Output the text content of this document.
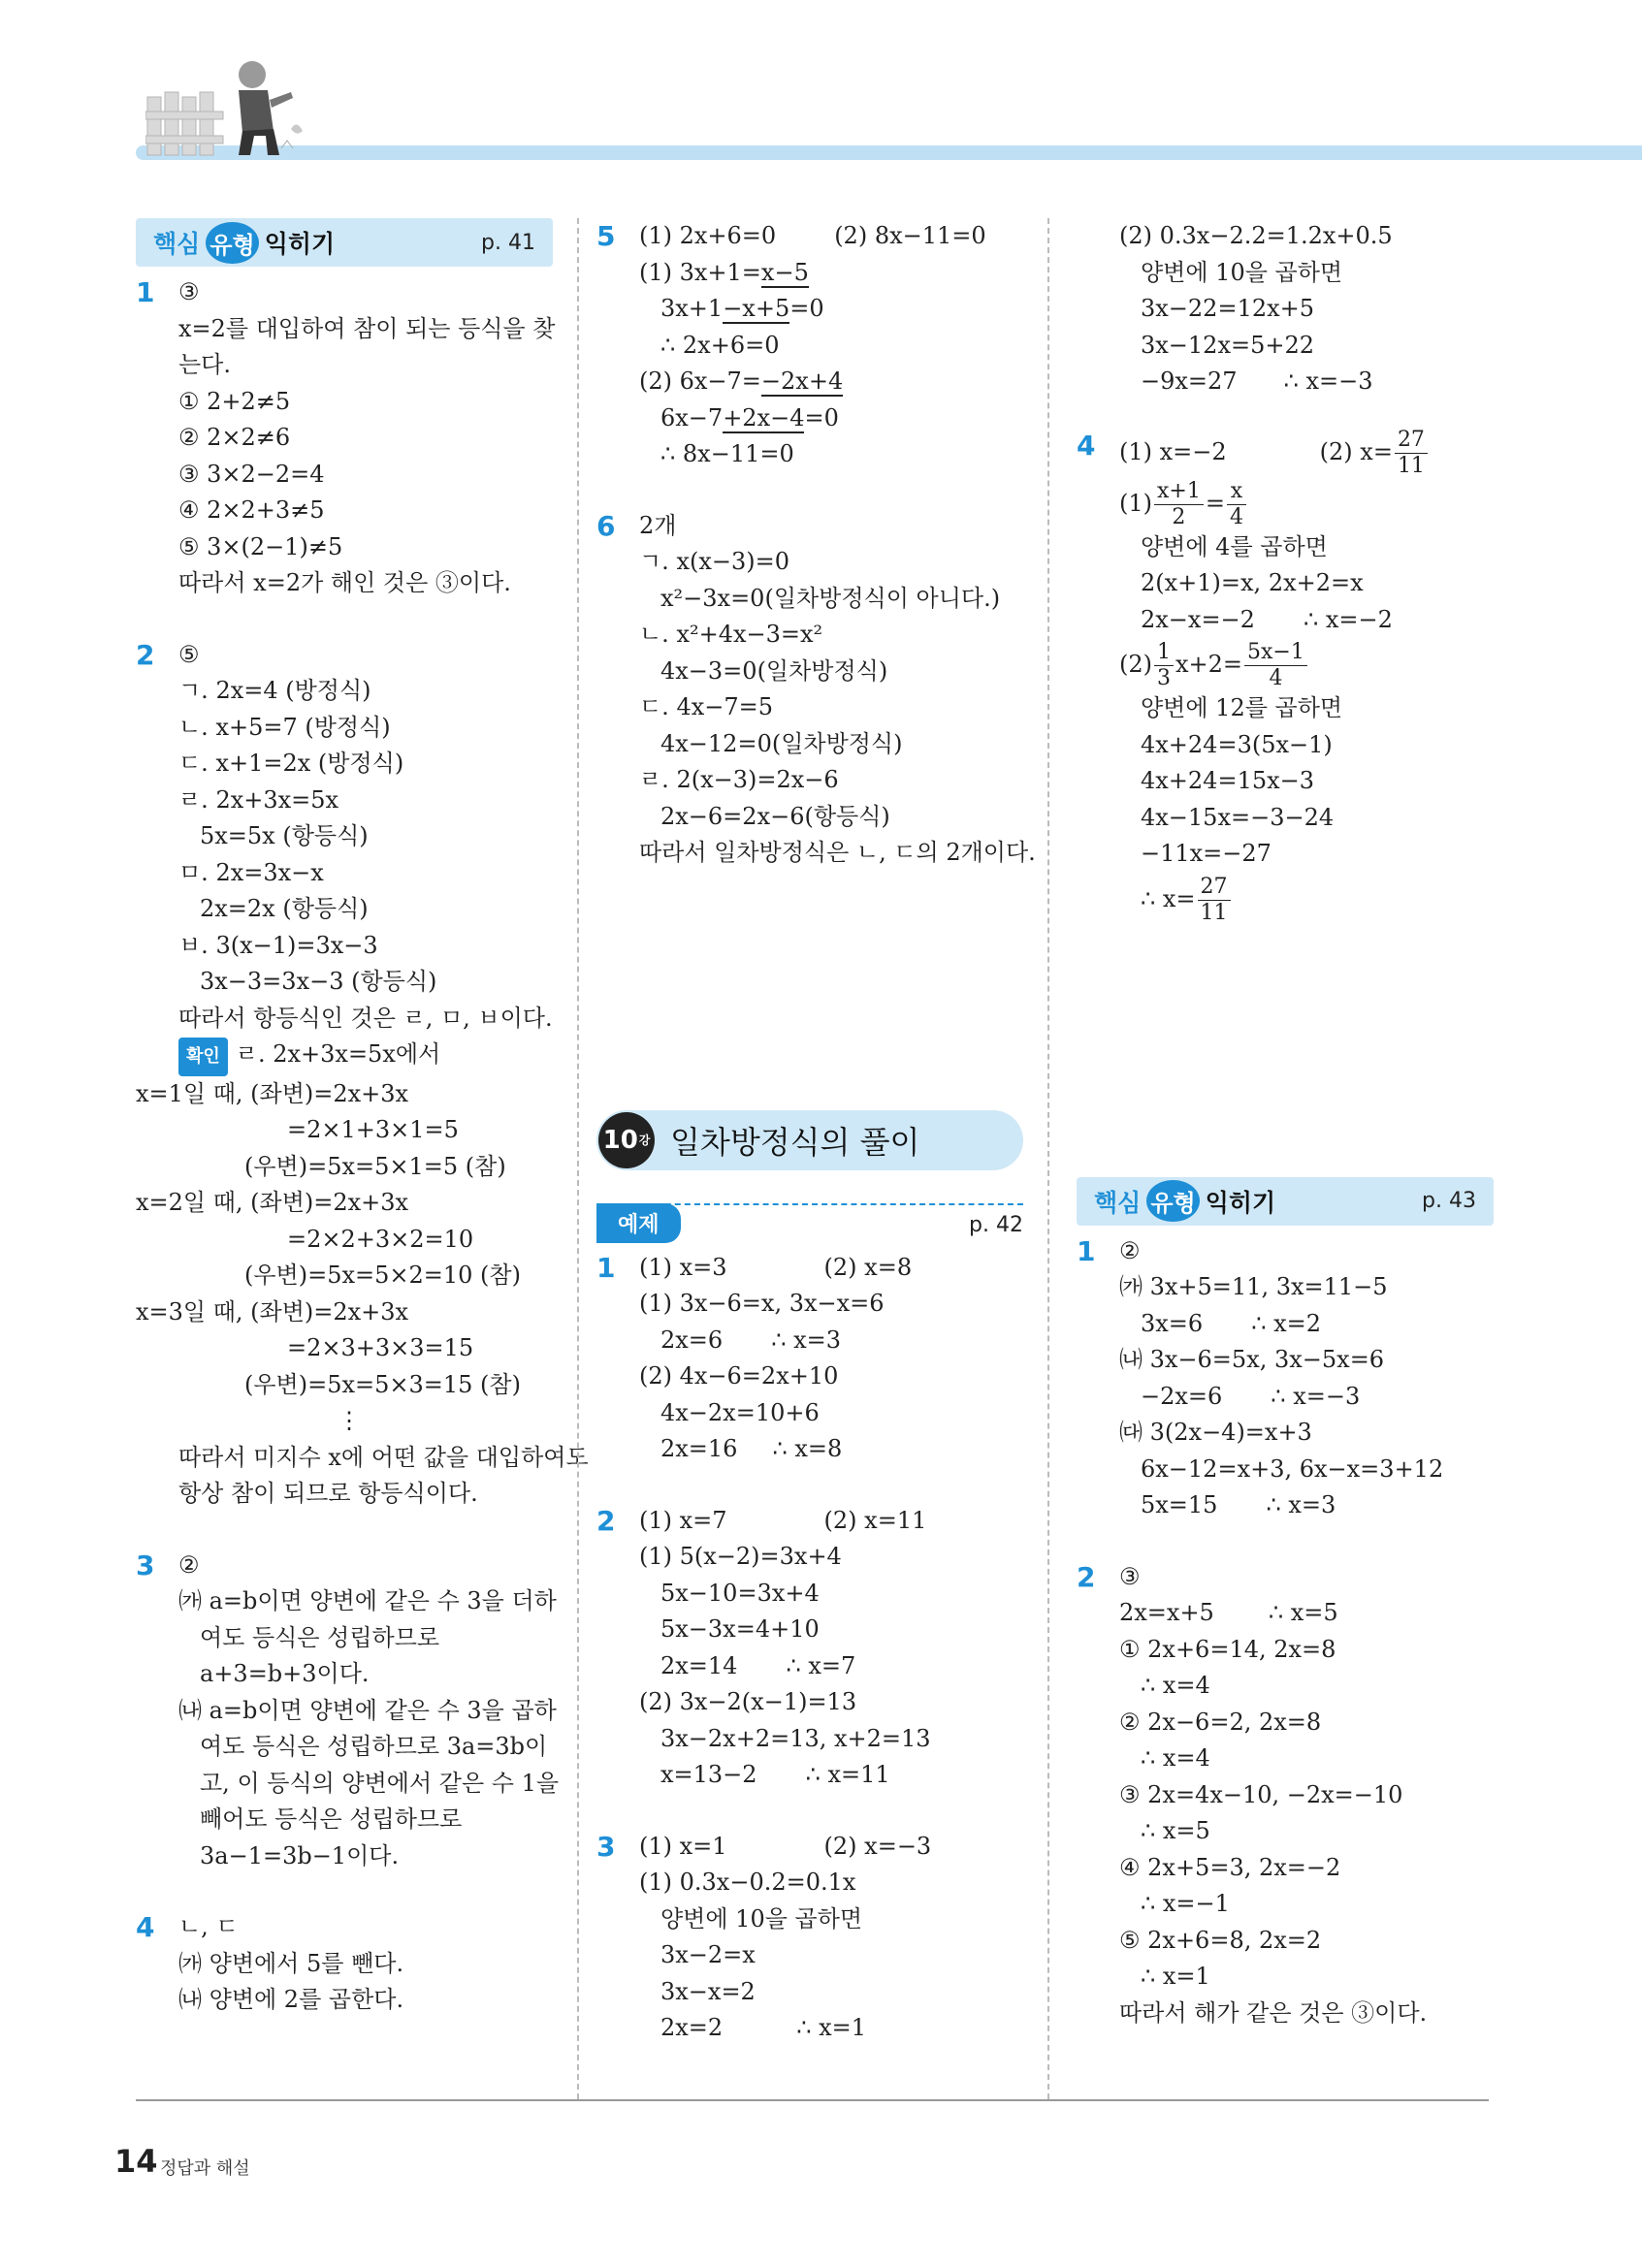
핵심 유형 익히기	p. 41
1 ③
x=2를 대입하여 참이 되는 등식을 찾
는다.
① 2+2≠5
② 2×2≠6
③ 3×2−2=4
④ 2×2+3≠5
⑤ 3×(2−1)≠5
따라서 x=2가 해인 것은 ③이다.
2 ⑤
ㄱ. 2x=4 (방정식)
ㄴ. x+5=7 (방정식)
ㄷ. x+1=2x (방정식)
ㄹ. 2x+3x=5x
5x=5x (항등식)
ㅁ. 2x=3x−x
2x=2x (항등식)
ㅂ. 3(x−1)=3x−3
3x−3=3x−3 (항등식)
따라서 항등식인 것은 ㄹ, ㅁ, ㅂ이다.
확인 ㄹ. 2x+3x=5x에서
x=1일 때, (좌변)=2x+3x
=2×1+3×1=5
(우변)=5x=5×1=5 (참)
x=2일 때, (좌변)=2x+3x
=2×2+3×2=10
(우변)=5x=5×2=10 (참)
x=3일 때, (좌변)=2x+3x
=2×3+3×3=15
(우변)=5x=5×3=15 (참)
⋮
따라서 미지수 x에 어떤 값을 대입하여도
항상 참이 되므로 항등식이다.
3 ②
㈎ a=b이면 양변에 같은 수 3을 더하
여도 등식은 성립하므로
a+3=b+3이다.
㈏ a=b이면 양변에 같은 수 3을 곱하
여도 등식은 성립하므로 3a=3b이
고, 이 등식의 양변에서 같은 수 1을
빼어도 등식은 성립하므로
3a−1=3b−1이다.
4 ㄴ, ㄷ
㈎ 양변에서 5를 뺀다.
㈏ 양변에 2를 곱한다.
5 (1) 2x+6=0	(2) 8x−11=0
(1) 3x+1=x−5
3x+1−x+5=0
∴ 2x+6=0
(2) 6x−7=−2x+4
6x−7+2x−4=0
∴ 8x−11=0
6 2개
ㄱ. x(x−3)=0
x²−3x=0(일차방정식이 아니다.)
ㄴ. x²+4x−3=x²
4x−3=0(일차방정식)
ㄷ. 4x−7=5
4x−12=0(일차방정식)
ㄹ. 2(x−3)=2x−6
2x−6=2x−6(항등식)
따라서 일차방정식은 ㄴ, ㄷ의 2개이다.
10 강 일차방정식의 풀이
예제	p. 42
1 (1) x=3	(2) x=8
(1) 3x−6=x, 3x−x=6
2x=6 ∴ x=3
(2) 4x−6=2x+10
4x−2x=10+6
2x=16 ∴ x=8
2 (1) x=7	(2) x=11
(1) 5(x−2)=3x+4
5x−10=3x+4
5x−3x=4+10
2x=14 ∴ x=7
(2) 3x−2(x−1)=13
3x−2x+2=13, x+2=13
x=13−2 ∴ x=11
3 (1) x=1	(2) x=−3
(1) 0.3x−0.2=0.1x
양변에 10을 곱하면
3x−2=x
3x−x=2
2x=2	∴ x=1
(2) 0.3x−2.2=1.2x+0.5
양변에 10을 곱하면
3x−22=12x+5
3x−12x=5+22
−9x=27 ∴ x=−3
4 (1) x=−2	(2) $x= \frac{27}{11}$
$(1) \frac{x+1}{2} = \frac{x}{4}$
양변에 4를 곱하면
2(x+1)=x, 2x+2=x
2x−x=−2 ∴ x=−2
$(2) \frac{1}{3} x+2= \frac{5x-1}{4}$
양변에 12를 곱하면
4x+24=3(5x−1)
4x+24=15x−3
4x−15x=−3−24
−11x=−27
∴ $x= \frac{27}{11}$
핵심 유형 익히기	p. 43
1 ②
㈎ 3x+5=11, 3x=11−5
3x=6 ∴ x=2
㈏ 3x−6=5x, 3x−5x=6
−2x=6 ∴ x=−3
㈐ 3(2x−4)=x+3
6x−12=x+3, 6x−x=3+12
5x=15 ∴ x=3
2 ③
2x=x+5 ∴ x=5
① 2x+6=14, 2x=8
∴ x=4
② 2x−6=2, 2x=8
∴ x=4
③ 2x=4x−10, −2x=−10
∴ x=5
④ 2x+5=3, 2x=−2
∴ x=−1
⑤ 2x+6=8, 2x=2
∴ x=1
따라서 해가 같은 것은 ③이다.
14 정답과 해설
